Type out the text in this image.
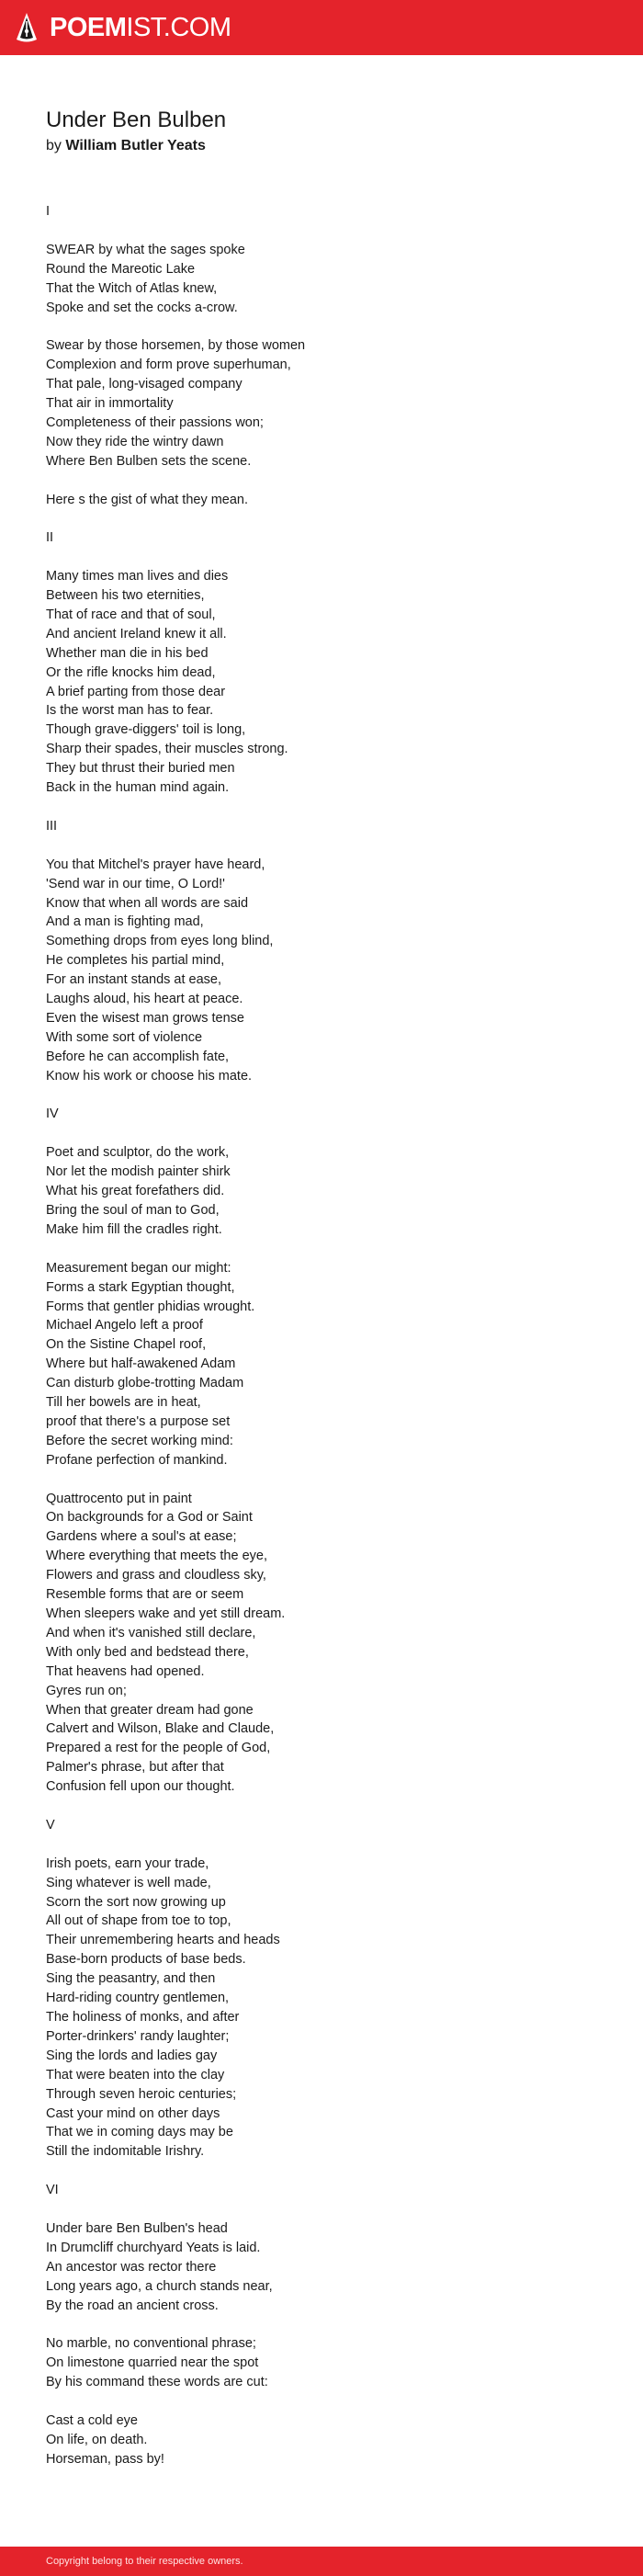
POEMIST.COM
Under Ben Bulben
by William Butler Yeats
I
SWEAR by what the sages spoke
Round the Mareotic Lake
That the Witch of Atlas knew,
Spoke and set the cocks a-crow.
Swear by those horsemen, by those women
Complexion and form prove superhuman,
That pale, long-visaged company
That air in immortality
Completeness of their passions won;
Now they ride the wintry dawn
Where Ben Bulben sets the scene.
Here s the gist of what they mean.
II
Many times man lives and dies
Between his two eternities,
That of race and that of soul,
And ancient Ireland knew it all.
Whether man die in his bed
Or the rifle knocks him dead,
A brief parting from those dear
Is the worst man has to fear.
Though grave-diggers' toil is long,
Sharp their spades, their muscles strong.
They but thrust their buried men
Back in the human mind again.
III
You that Mitchel's prayer have heard,
'Send war in our time, O Lord!'
Know that when all words are said
And a man is fighting mad,
Something drops from eyes long blind,
He completes his partial mind,
For an instant stands at ease,
Laughs aloud, his heart at peace.
Even the wisest man grows tense
With some sort of violence
Before he can accomplish fate,
Know his work or choose his mate.
IV
Poet and sculptor, do the work,
Nor let the modish painter shirk
What his great forefathers did.
Bring the soul of man to God,
Make him fill the cradles right.
Measurement began our might:
Forms a stark Egyptian thought,
Forms that gentler phidias wrought.
Michael Angelo left a proof
On the Sistine Chapel roof,
Where but half-awakened Adam
Can disturb globe-trotting Madam
Till her bowels are in heat,
proof that there's a purpose set
Before the secret working mind:
Profane perfection of mankind.
Quattrocento put in paint
On backgrounds for a God or Saint
Gardens where a soul's at ease;
Where everything that meets the eye,
Flowers and grass and cloudless sky,
Resemble forms that are or seem
When sleepers wake and yet still dream.
And when it's vanished still declare,
With only bed and bedstead there,
That heavens had opened.
Gyres run on;
When that greater dream had gone
Calvert and Wilson, Blake and Claude,
Prepared a rest for the people of God,
Palmer's phrase, but after that
Confusion fell upon our thought.
V
Irish poets, earn your trade,
Sing whatever is well made,
Scorn the sort now growing up
All out of shape from toe to top,
Their unremembering hearts and heads
Base-born products of base beds.
Sing the peasantry, and then
Hard-riding country gentlemen,
The holiness of monks, and after
Porter-drinkers' randy laughter;
Sing the lords and ladies gay
That were beaten into the clay
Through seven heroic centuries;
Cast your mind on other days
That we in coming days may be
Still the indomitable Irishry.
VI
Under bare Ben Bulben's head
In Drumcliff churchyard Yeats is laid.
An ancestor was rector there
Long years ago, a church stands near,
By the road an ancient cross.
No marble, no conventional phrase;
On limestone quarried near the spot
By his command these words are cut:
Cast a cold eye
On life, on death.
Horseman, pass by!
Copyright belong to their respective owners.
